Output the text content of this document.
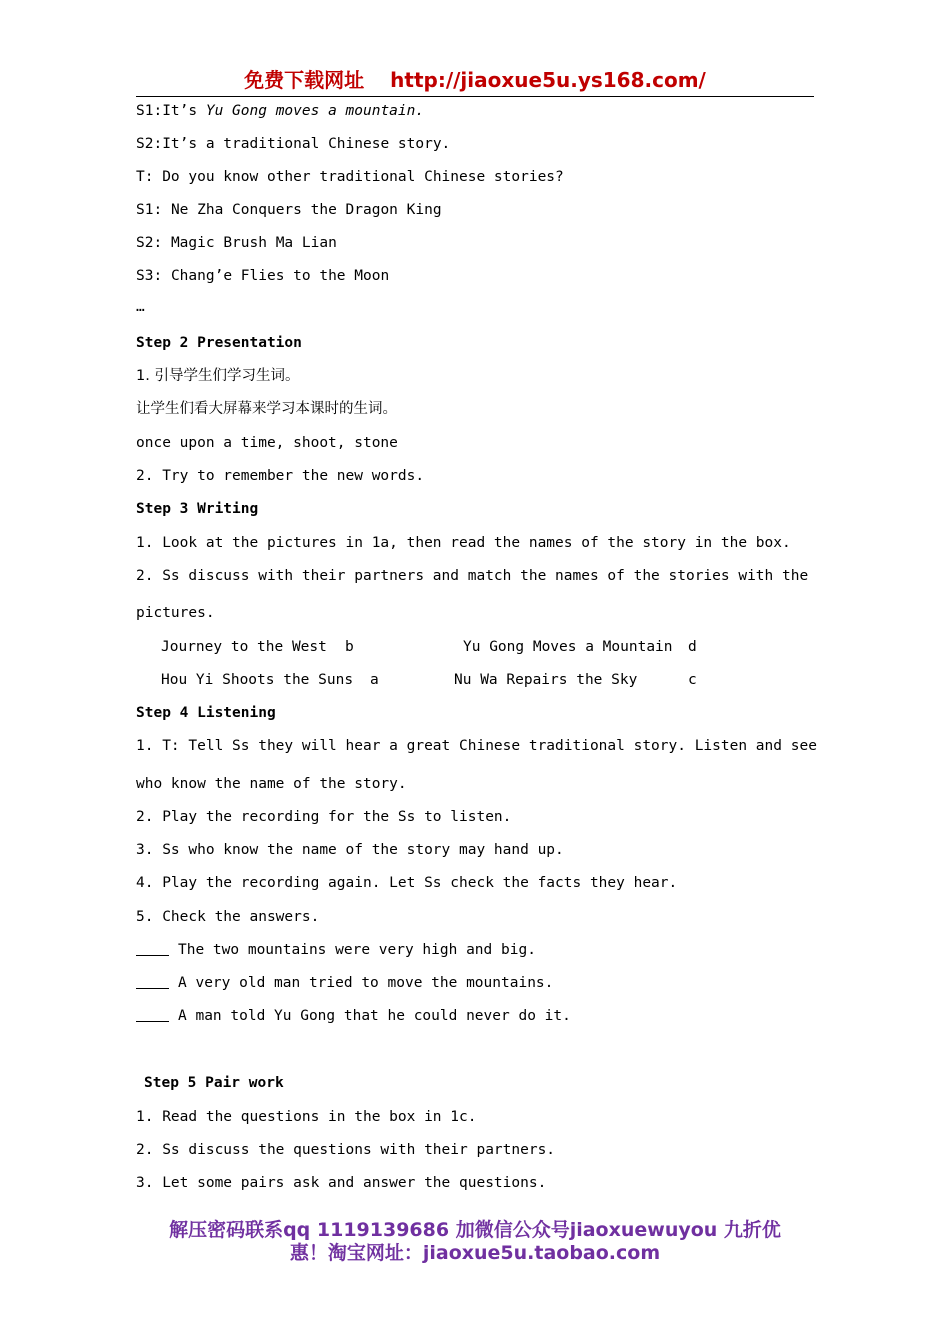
免费下载网址 http://jiaoxue5u.ys168.com/
S1:It’s Yu Gong moves a mountain.
S2:It’s a traditional Chinese story.
T: Do you know other traditional Chinese stories?
S1: Ne Zha Conquers the Dragon King
S2: Magic Brush Ma Lian
S3: Chang’e Flies to the Moon
…
Step 2 Presentation
1. 引导学生们学习生词。
让学生们看大屏幕来学习本课时的生词。
once upon a time, shoot, stone
2. Try to remember the new words.
Step 3 Writing
1. Look at the pictures in 1a, then read the names of the story in the box.
2. Ss discuss with their partners and match the names of the stories with the
pictures.
Journey to the West b	Yu Gong Moves a Mountain d
Hou Yi Shoots the Suns a	Nu Wa Repairs the Sky	c
Step 4 Listening
1. T: Tell Ss they will hear a great Chinese traditional story. Listen and see
who know the name of the story.
2. Play the recording for the Ss to listen.
3. Ss who know the name of the story may hand up.
4. Play the recording again. Let Ss check the facts they hear.
5. Check the answers.
The two mountains were very high and big.
A very old man tried to move the mountains.
A man told Yu Gong that he could never do it.
Step 5 Pair work
1. Read the questions in the box in 1c.
2. Ss discuss the questions with their partners.
3. Let some pairs ask and answer the questions.
解压密码联系qq 1119139686 加微信公众号jiaoxuewuyou 九折优
惠！淘宝网址：jiaoxue5u.taobao.com
